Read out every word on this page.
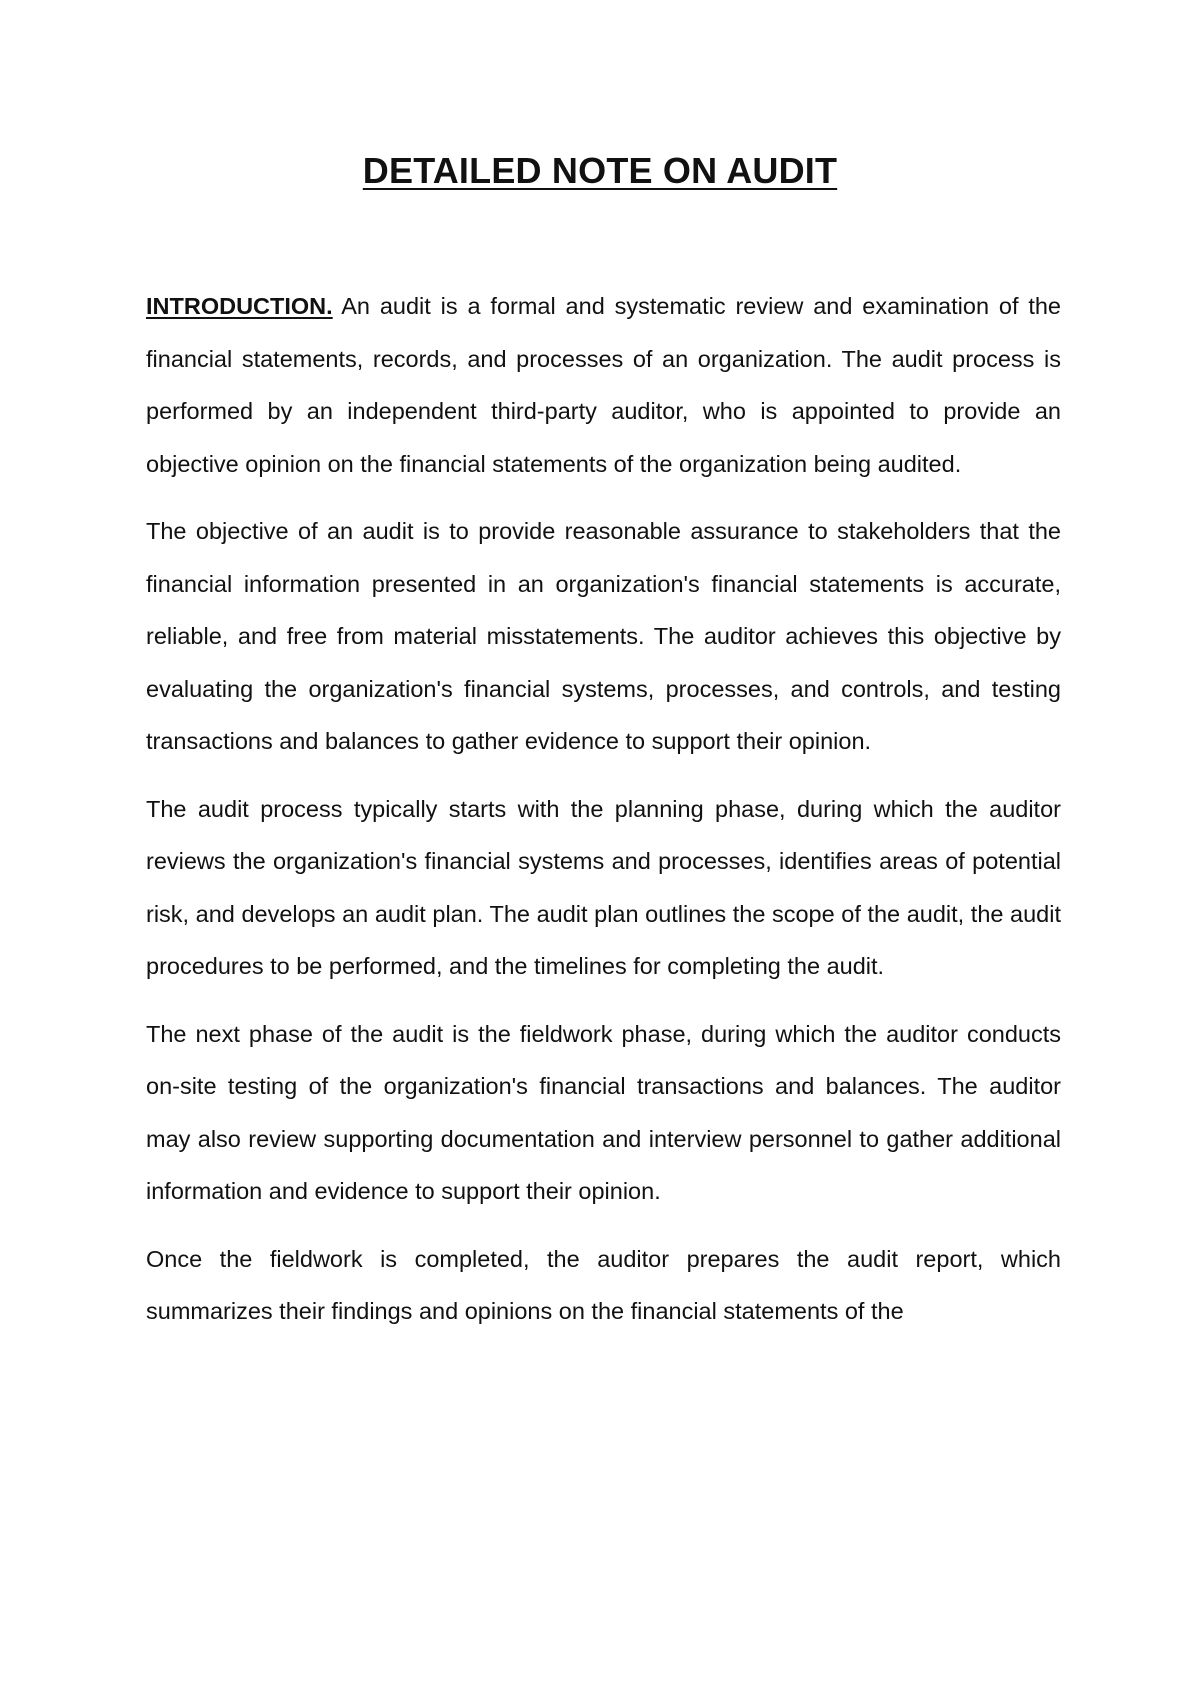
DETAILED NOTE ON AUDIT

INTRODUCTION. An audit is a formal and systematic review and examination of the financial statements, records, and processes of an organization. The audit process is performed by an independent third-party auditor, who is appointed to provide an objective opinion on the financial statements of the organization being audited.

The objective of an audit is to provide reasonable assurance to stakeholders that the financial information presented in an organization's financial statements is accurate, reliable, and free from material misstatements. The auditor achieves this objective by evaluating the organization's financial systems, processes, and controls, and testing transactions and balances to gather evidence to support their opinion.

The audit process typically starts with the planning phase, during which the auditor reviews the organization's financial systems and processes, identifies areas of potential risk, and develops an audit plan. The audit plan outlines the scope of the audit, the audit procedures to be performed, and the timelines for completing the audit.

The next phase of the audit is the fieldwork phase, during which the auditor conducts on-site testing of the organization's financial transactions and balances. The auditor may also review supporting documentation and interview personnel to gather additional information and evidence to support their opinion.

Once the fieldwork is completed, the auditor prepares the audit report, which summarizes their findings and opinions on the financial statements of the
